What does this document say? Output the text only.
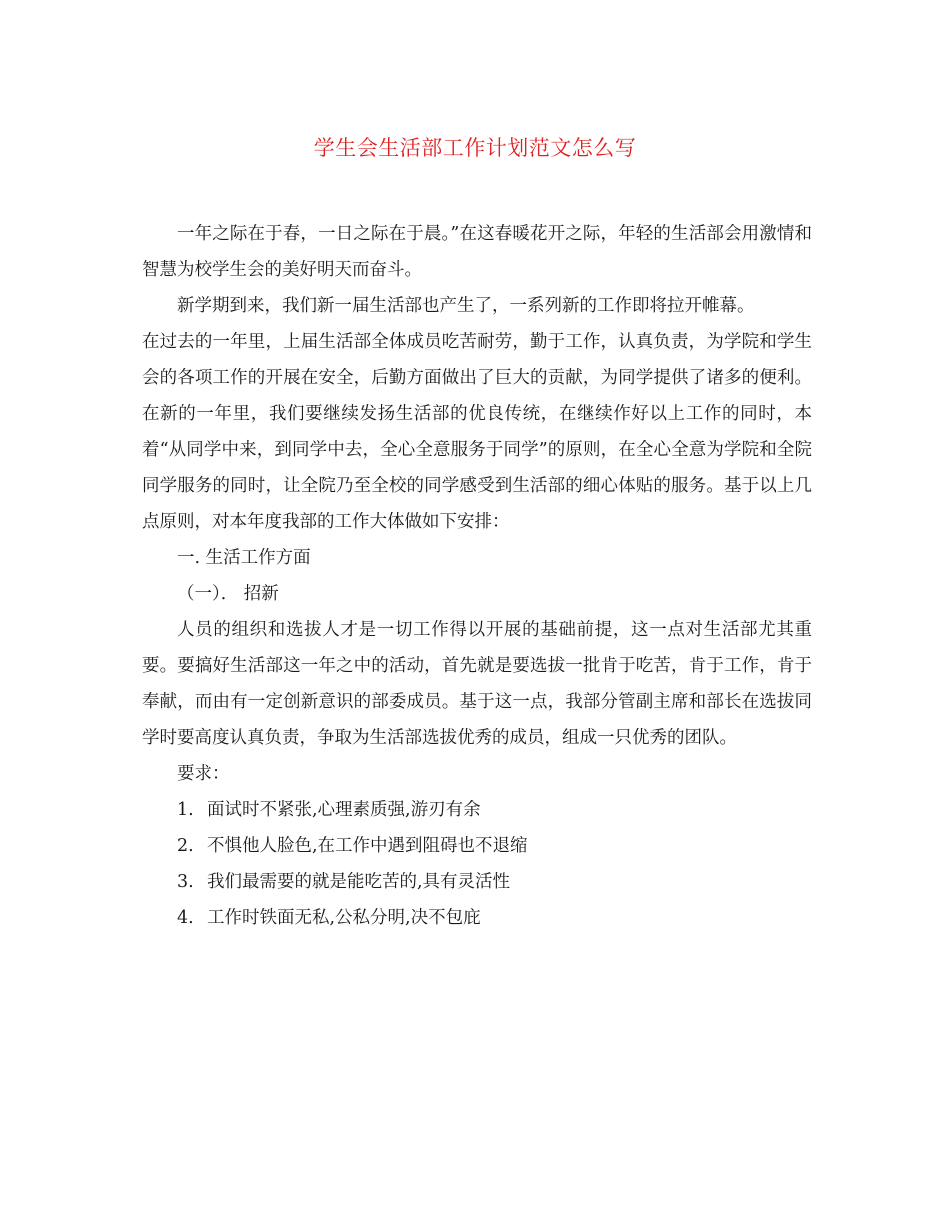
学生会生活部工作计划范文怎么写

一年之际在于春，一日之际在于晨。”在这春暖花开之际，年轻的生活部会用激情和智慧为校学生会的美好明天而奋斗。

新学期到来，我们新一届生活部也产生了，一系列新的工作即将拉开帷幕。

在过去的一年里，上届生活部全体成员吃苦耐劳，勤于工作，认真负责，为学院和学生会的各项工作的开展在安全，后勤方面做出了巨大的贡献，为同学提供了诸多的便利。在新的一年里，我们要继续发扬生活部的优良传统，在继续作好以上工作的同时，本着“从同学中来，到同学中去，全心全意服务于同学”的原则，在全心全意为学院和全院同学服务的同时，让全院乃至全校的同学感受到生活部的细心体贴的服务。基于以上几点原则，对本年度我部的工作大体做如下安排：

一. 生活工作方面

（一）． 招新

人员的组织和选拔人才是一切工作得以开展的基础前提，这一点对生活部尤其重要。要搞好生活部这一年之中的活动，首先就是要选拔一批肯于吃苦，肯于工作，肯于奉献，而由有一定创新意识的部委成员。基于这一点，我部分管副主席和部长在选拔同学时要高度认真负责，争取为生活部选拔优秀的成员，组成一只优秀的团队。

要求：

1. 面试时不紧张,心理素质强,游刃有余
2. 不惧他人脸色,在工作中遇到阻碍也不退缩
3. 我们最需要的就是能吃苦的,具有灵活性
4. 工作时铁面无私,公私分明,决不包庇
